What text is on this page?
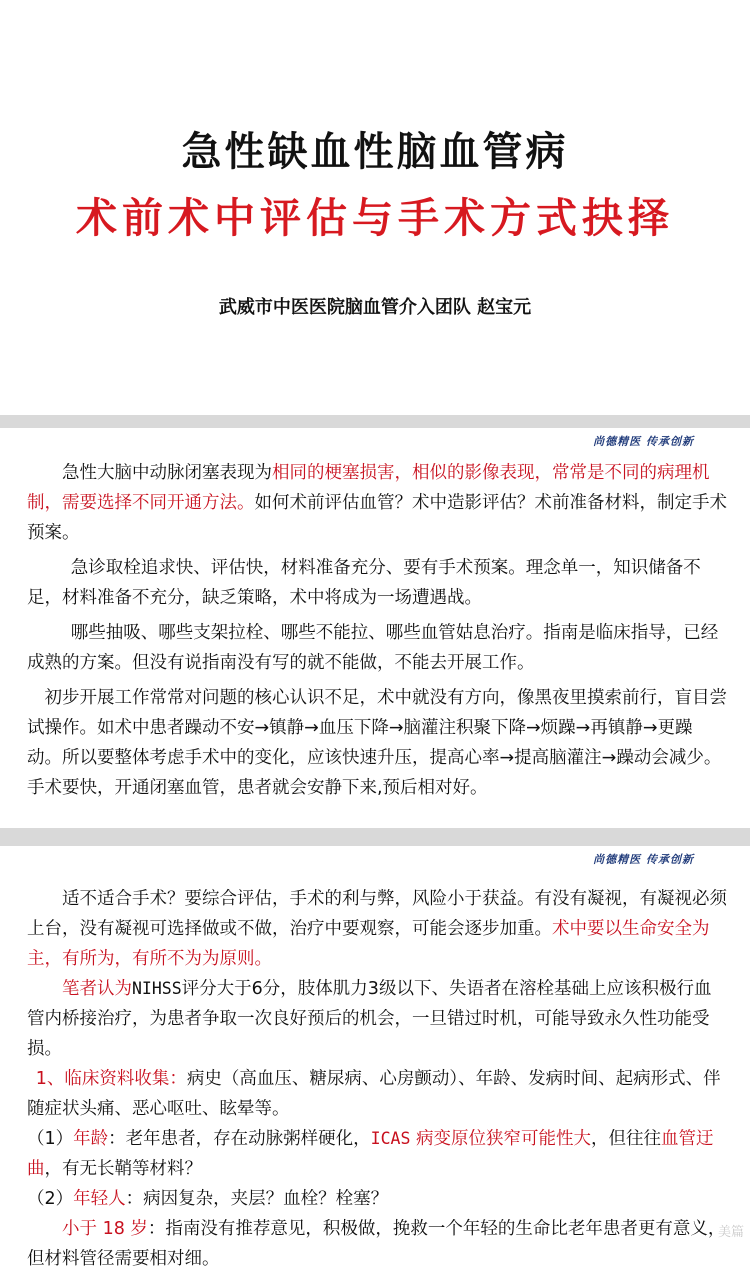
急性缺血性脑血管病
术前术中评估与手术方式抉择
武威市中医医院脑血管介入团队 赵宝元
尚德精医 传承创新

急性大脑中动脉闭塞表现为相同的梗塞损害，相似的影像表现，常常是不同的病理机制，需要选择不同开通方法。如何术前评估血管？术中造影评估？术前准备材料，制定手术预案。

急诊取栓追求快、评估快，材料准备充分、要有手术预案。理念单一，知识储备不足，材料准备不充分，缺乏策略，术中将成为一场遭遇战。

哪些抽吸、哪些支架拉栓、哪些不能拉、哪些血管姑息治疗。指南是临床指导，已经成熟的方案。但没有说指南没有写的就不能做，不能去开展工作。

初步开展工作常常对问题的核心认识不足，术中就没有方向，像黑夜里摸索前行，盲目尝试操作。如术中患者躁动不安→镇静→血压下降→脑灌注积聚下降→烦躁→再镇静→更躁动。所以要整体考虑手术中的变化，应该快速升压，提高心率→提高脑灌注→躁动会减少。手术要快，开通闭塞血管，患者就会安静下来,预后相对好。

尚德精医 传承创新

适不适合手术？要综合评估，手术的利与弊，风险小于获益。有没有凝视，有凝视必须上台，没有凝视可选择做或不做，治疗中要观察，可能会逐步加重。术中要以生命安全为主，有所为，有所不为为原则。

笔者认为NIHSS评分大于6分，肢体肌力3级以下、失语者在溶栓基础上应该积极行血管内桥接治疗，为患者争取一次良好预后的机会，一旦错过时机，可能导致永久性功能受损。

1、临床资料收集：病史（高血压、糖尿病、心房颤动）、年龄、发病时间、起病形式、伴随症状头痛、恶心呕吐、眩晕等。

（1）年龄：老年患者，存在动脉粥样硬化，ICAS 病变原位狭窄可能性大，但往往血管迂曲，有无长鞘等材料？

（2）年轻人：病因复杂，夹层？血栓？栓塞？

小于 18 岁：指南没有推荐意见，积极做，挽救一个年轻的生命比老年患者更有意义，但材料管径需要相对细。

美篇
